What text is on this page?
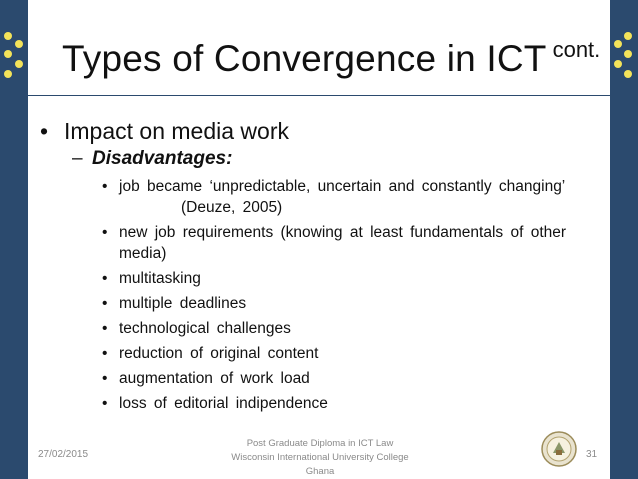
Types of Convergence in ICT cont.
• Impact on media work
– Disadvantages:
• job became ‘unpredictable, uncertain and constantly changing’ (Deuze, 2005)
• new job requirements (knowing at least fundamentals of other media)
• multitasking
• multiple deadlines
• technological challenges
• reduction of original content
• augmentation of work load
• loss of editorial indipendence
27/02/2015
Post Graduate Diploma in ICT Law
Wisconsin International University College
Ghana
31
